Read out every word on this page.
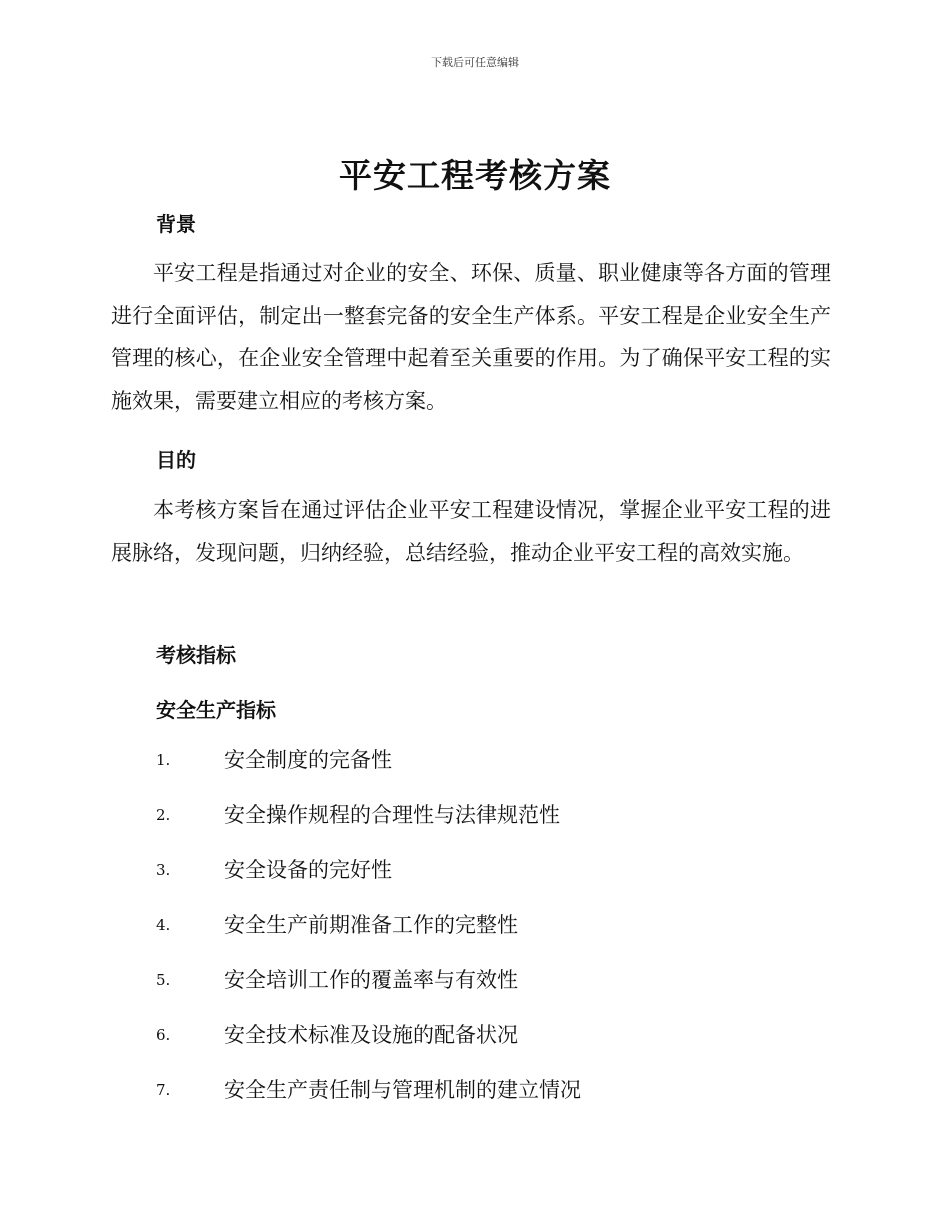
下载后可任意编辑
平安工程考核方案
背景

平安工程是指通过对企业的安全、环保、质量、职业健康等各方面的管理进行全面评估，制定出一整套完备的安全生产体系。平安工程是企业安全生产管理的核心，在企业安全管理中起着至关重要的作用。为了确保平安工程的实施效果，需要建立相应的考核方案。

目的

本考核方案旨在通过评估企业平安工程建设情况，掌握企业平安工程的进展脉络，发现问题，归纳经验，总结经验，推动企业平安工程的高效实施。

考核指标
安全生产指标
1.	安全制度的完备性
2.	安全操作规程的合理性与法律规范性
3.	安全设备的完好性
4.	安全生产前期准备工作的完整性
5.	安全培训工作的覆盖率与有效性
6.	安全技术标准及设施的配备状况
7.	安全生产责任制与管理机制的建立情况
